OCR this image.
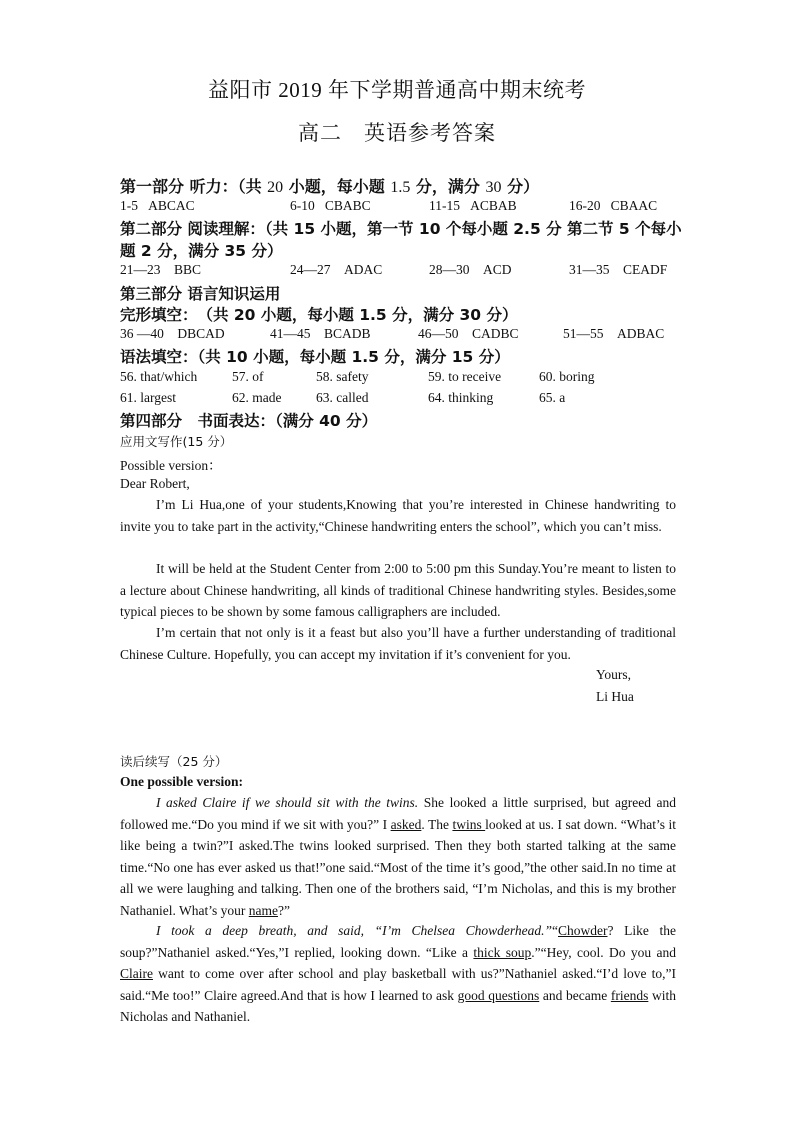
益阳市 2019 年下学期普通高中期末统考
高二　英语参考答案
第一部分 听力：（共 20 小题，每小题 1.5 分，满分 30 分）
1-5 ABCAC	6-10 CBABC	11-15 ACBAB	16-20 CBAAC
第二部分 阅读理解：（共 15 小题，第一节 10 个每小题 2.5 分 第二节 5 个每小
题 2 分，满分 35 分）
21—23 BBC	24—27 ADAC	28—30 ACD	31—35 CEADF
第三部分 语言知识运用
完形填空：　（共 20 小题，每小题 1.5 分，满分 30 分）
36 —40 DBCAD	41—45 BCADB	46—50 CADBC	51—55 ADBAC
语法填空：（共 10 小题，每小题 1.5 分，满分 15 分）
56. that/which	57. of	58. safety	59. to receive	60. boring
61. largest	62. made	63. called	64. thinking	65. a
第四部分　书面表达：（满分 40 分）
应用文写作(15 分）
Possible version：
Dear Robert,
I’m Li Hua,one of your students,Knowing that you’re interested in Chinese handwriting to invite you to take part in the activity,“Chinese handwriting enters the school”, which you can’t miss.
It will be held at the Student Center from 2:00 to 5:00 pm this Sunday.You’re meant to listen to a lecture about Chinese handwriting, all kinds of traditional Chinese handwriting styles. Besides,some typical pieces to be shown by some famous calligraphers are included.
I’m certain that not only is it a feast but also you’ll have a further understanding of traditional Chinese Culture. Hopefully, you can accept my invitation if it’s convenient for you.
Yours,
Li Hua
读后续写（25 分）
One possible version:
I asked Claire if we should sit with the twins. She looked a little surprised, but agreed and followed me.“Do you mind if we sit with you?” I asked. The twins looked at us. I sat down. “What’s it like being a twin?”I asked.The twins looked surprised. Then they both started talking at the same time.“No one has ever asked us that!”one said.“Most of the time it’s good,”the other said.In no time at all we were laughing and talking. Then one of the brothers said, “I’m Nicholas, and this is my brother Nathaniel. What’s your name?”
I took a deep breath, and said, “I’m Chelsea Chowderhead.”“Chowder? Like the soup?”Nathaniel asked.“Yes,”I replied, looking down. “Like a thick soup.”“Hey, cool. Do you and Claire want to come over after school and play basketball with us?”Nathaniel asked.“I’d love to,”I said.“Me too!” Claire agreed.And that is how I learned to ask good questions and became friends with Nicholas and Nathaniel.
